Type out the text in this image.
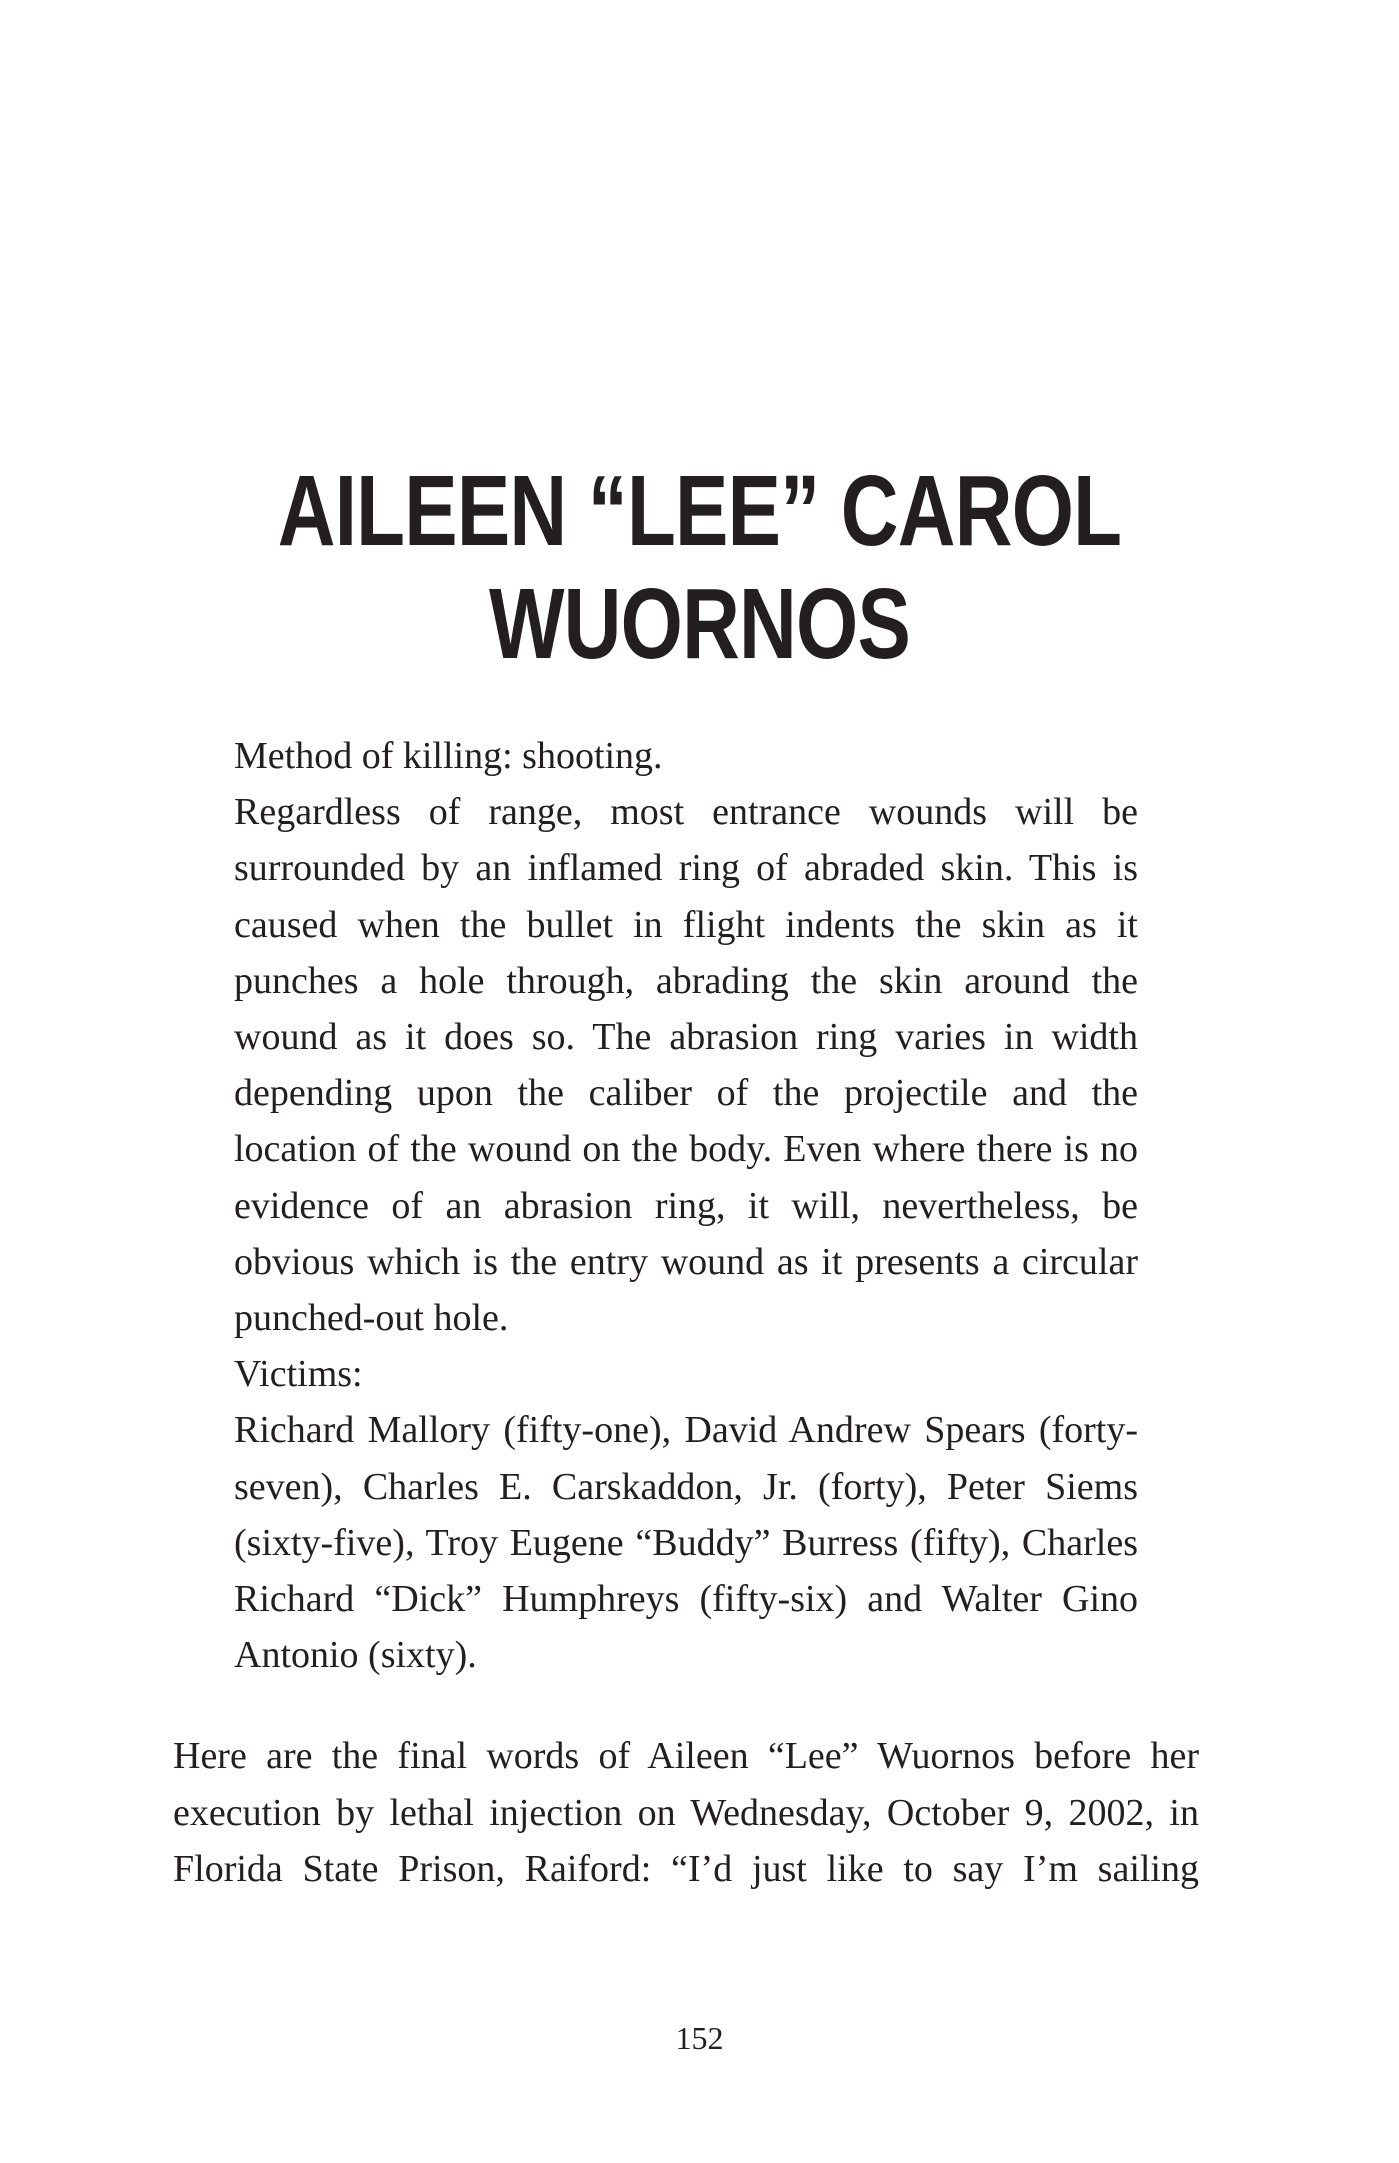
AILEEN “LEE” CAROL
WUORNOS

Method of killing: shooting.

Regardless of range, most entrance wounds will be surrounded by an inflamed ring of abraded skin. This is caused when the bullet in flight indents the skin as it punches a hole through, abrading the skin around the wound as it does so. The abrasion ring varies in width depending upon the caliber of the projectile and the location of the wound on the body. Even where there is no evidence of an abrasion ring, it will, nevertheless, be obvious which is the entry wound as it presents a circular punched-out hole.

Victims:

Richard Mallory (fifty-one), David Andrew Spears (forty-seven), Charles E. Carskaddon, Jr. (forty), Peter Siems (sixty-five), Troy Eugene “Buddy” Burress (fifty), Charles Richard “Dick” Humphreys (fifty-six) and Walter Gino Antonio (sixty).

Here are the final words of Aileen “Lee” Wuornos before her execution by lethal injection on Wednesday, October 9, 2002, in Florida State Prison, Raiford: “I’d just like to say I’m sailing

152
